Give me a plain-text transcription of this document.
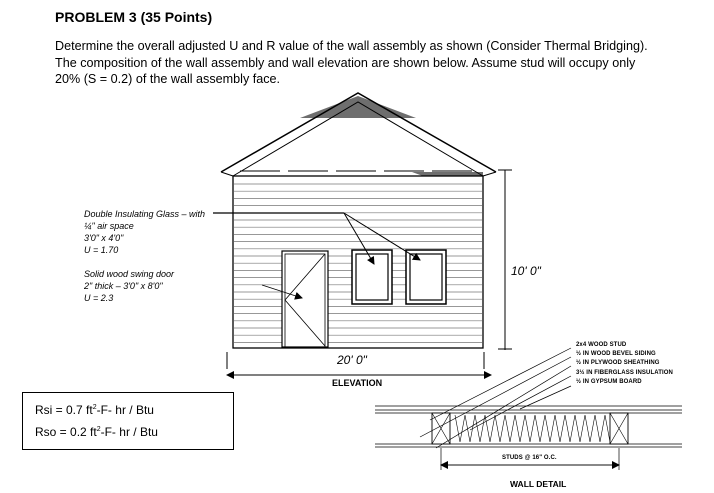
PROBLEM 3 (35 Points)
Determine the overall adjusted U and R value of the wall assembly as shown (Consider Thermal Bridging).
The composition of the wall assembly and wall elevation are shown below. Assume stud will occupy only
20% (S = 0.2) of the wall assembly face.
Double Insulating Glass – with
¼" air space
3'0" x 4'0"
U = 1.70
Solid wood swing door
2" thick – 3'0" x 8'0"
U = 2.3
10' 0"
20' 0"
ELEVATION
Rsi = 0.7 $ft^2-F-$ hr / Btu
Rso = 0.2 $ft^2-F-$ hr / Btu
2x4 WOOD STUD
½ IN WOOD BEVEL SIDING
½ IN PLYWOOD SHEATHING
3½ IN FIBERGLASS INSULATION
½ IN GYPSUM BOARD
STUDS @ 16" O.C.
WALL DETAIL
